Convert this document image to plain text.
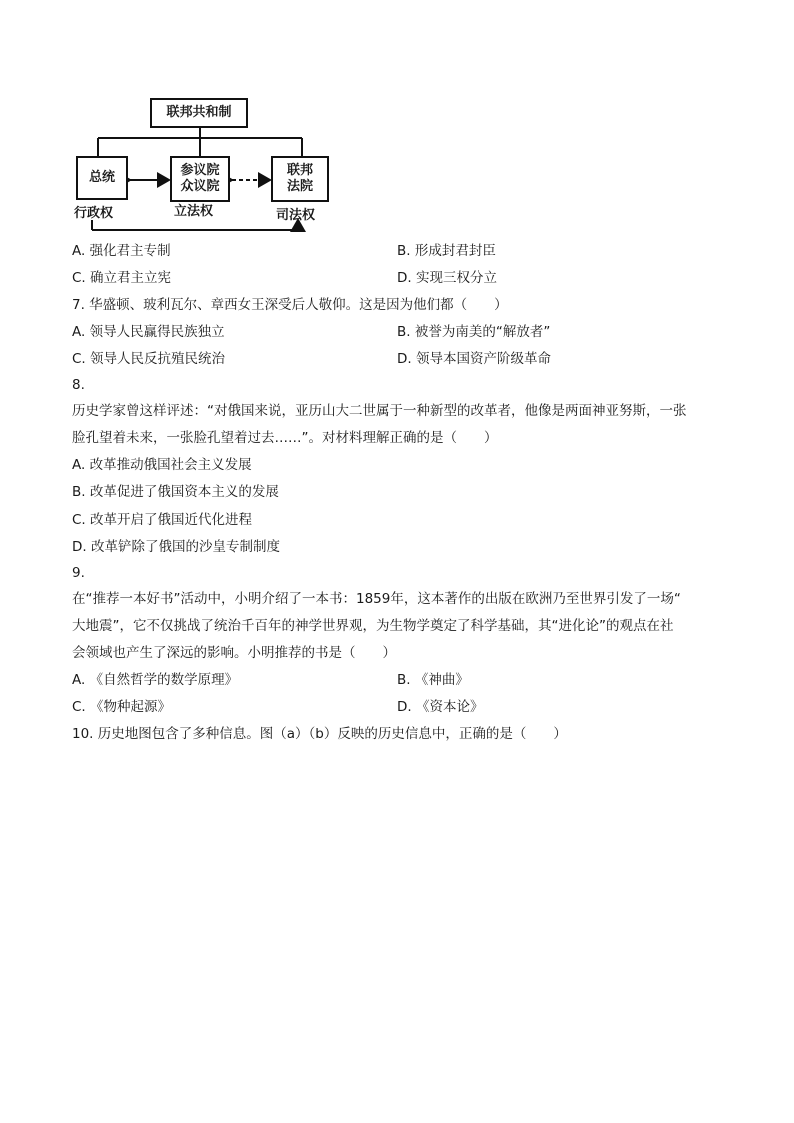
联邦共和制
总统	参议院
众议院
联邦
法院
行政权	立法权	司法权
A. 强化君主专制	B. 形成封君封臣
C. 确立君主立宪	D. 实现三权分立
7. 华盛顿、玻利瓦尔、章西女王深受后人敬仰。这是因为他们都（　　）
A. 领导人民赢得民族独立	B. 被誉为南美的“解放者”
C. 领导人民反抗殖民统治	D. 领导本国资产阶级革命
8.
历史学家曾这样评述：“对俄国来说，亚历山大二世属于一种新型的改革者，他像是两面神亚努斯，一张
脸孔望着未来，一张脸孔望着过去……”。对材料理解正确的是（　　）
A. 改革推动俄国社会主义发展
B. 改革促进了俄国资本主义的发展
C. 改革开启了俄国近代化进程
D. 改革铲除了俄国的沙皇专制制度
9.
在“推荐一本好书”活动中，小明介绍了一本书：1859年，这本著作的出版在欧洲乃至世界引发了一场“
大地震”，它不仅挑战了统治千百年的神学世界观，为生物学奠定了科学基础，其“进化论”的观点在社
会领域也产生了深远的影响。小明推荐的书是（　　）
A. 《自然哲学的数学原理》	B. 《神曲》
C. 《物种起源》	D. 《资本论》
10. 历史地图包含了多种信息。图（a）（b）反映的历史信息中，正确的是（　　）
